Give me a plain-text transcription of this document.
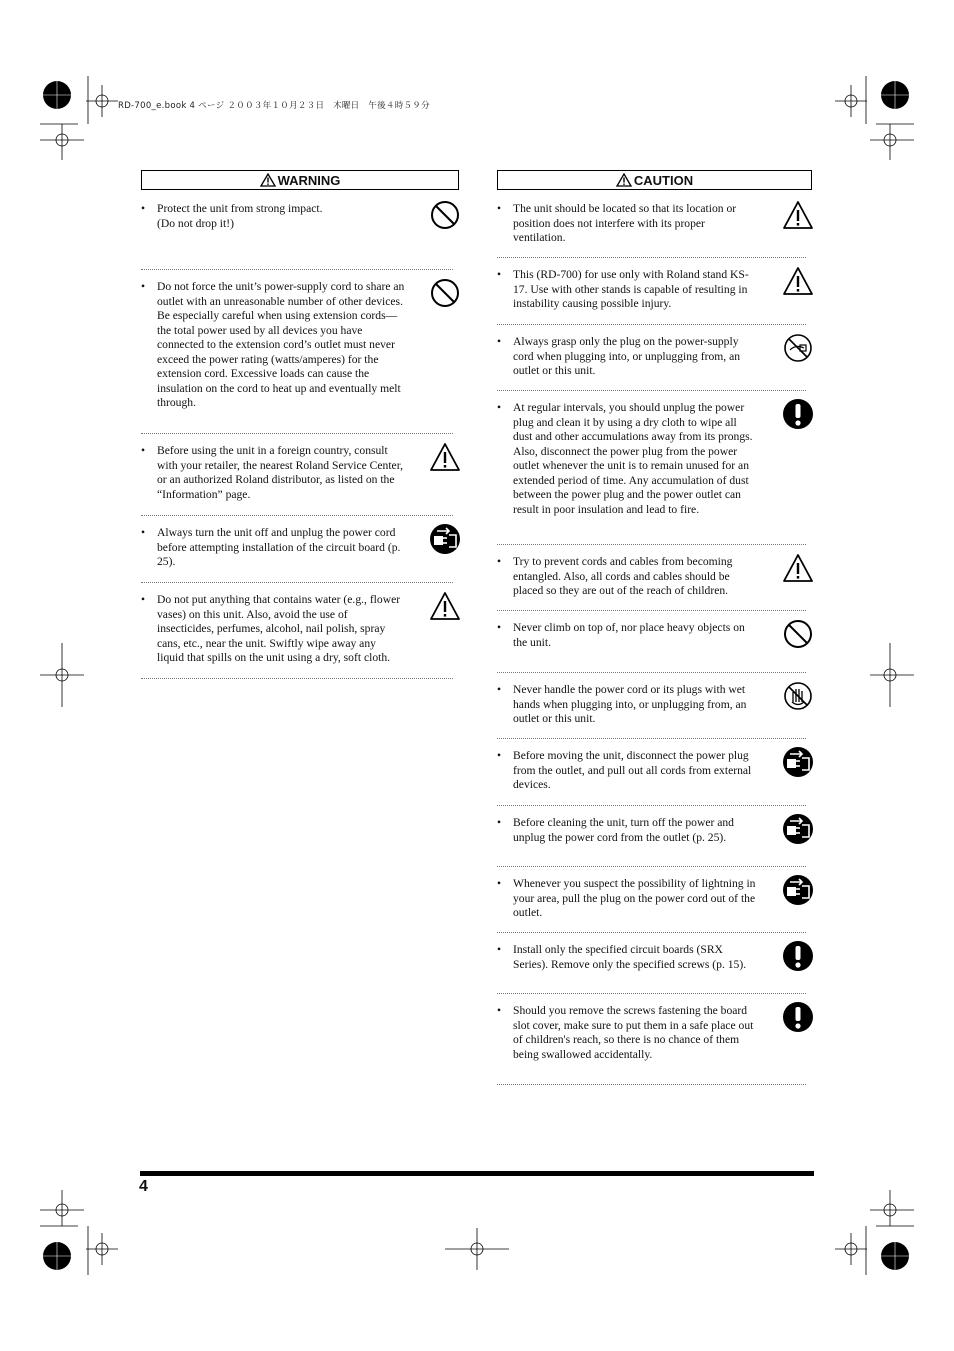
RD-700_e.book 4 ページ ２００３年１０月２３日　木曜日　午後４時５９分
WARNING
• Protect the unit from strong impact.
(Do not drop it!)
• Do not force the unit’s power-supply cord to share an outlet with an unreasonable number of other devices. Be especially careful when using extension cords—the total power used by all devices you have connected to the extension cord’s outlet must never exceed the power rating (watts/amperes) for the extension cord. Excessive loads can cause the insulation on the cord to heat up and eventually melt through.
• Before using the unit in a foreign country, consult with your retailer, the nearest Roland Service Center, or an authorized Roland distributor, as listed on the “Information” page.
• Always turn the unit off and unplug the power cord before attempting installation of the circuit board (p. 25).
• Do not put anything that contains water (e.g., flower vases) on this unit. Also, avoid the use of insecticides, perfumes, alcohol, nail polish, spray cans, etc., near the unit. Swiftly wipe away any liquid that spills on the unit using a dry, soft cloth.
CAUTION
• The unit should be located so that its location or position does not interfere with its proper ventilation.
• This (RD-700) for use only with Roland stand KS-17. Use with other stands is capable of resulting in instability causing possible injury.
• Always grasp only the plug on the power-supply cord when plugging into, or unplugging from, an outlet or this unit.
• At regular intervals, you should unplug the power plug and clean it by using a dry cloth to wipe all dust and other accumulations away from its prongs. Also, disconnect the power plug from the power outlet whenever the unit is to remain unused for an extended period of time. Any accumulation of dust between the power plug and the power outlet can result in poor insulation and lead to fire.
• Try to prevent cords and cables from becoming entangled. Also, all cords and cables should be placed so they are out of the reach of children.
• Never climb on top of, nor place heavy objects on the unit.
• Never handle the power cord or its plugs with wet hands when plugging into, or unplugging from, an outlet or this unit.
• Before moving the unit, disconnect the power plug from the outlet, and pull out all cords from external devices.
• Before cleaning the unit, turn off the power and unplug the power cord from the outlet (p. 25).
• Whenever you suspect the possibility of lightning in your area, pull the plug on the power cord out of the outlet.
• Install only the specified circuit boards (SRX Series). Remove only the specified screws (p. 15).
• Should you remove the screws fastening the board slot cover, make sure to put them in a safe place out of children's reach, so there is no chance of them being swallowed accidentally.
4
